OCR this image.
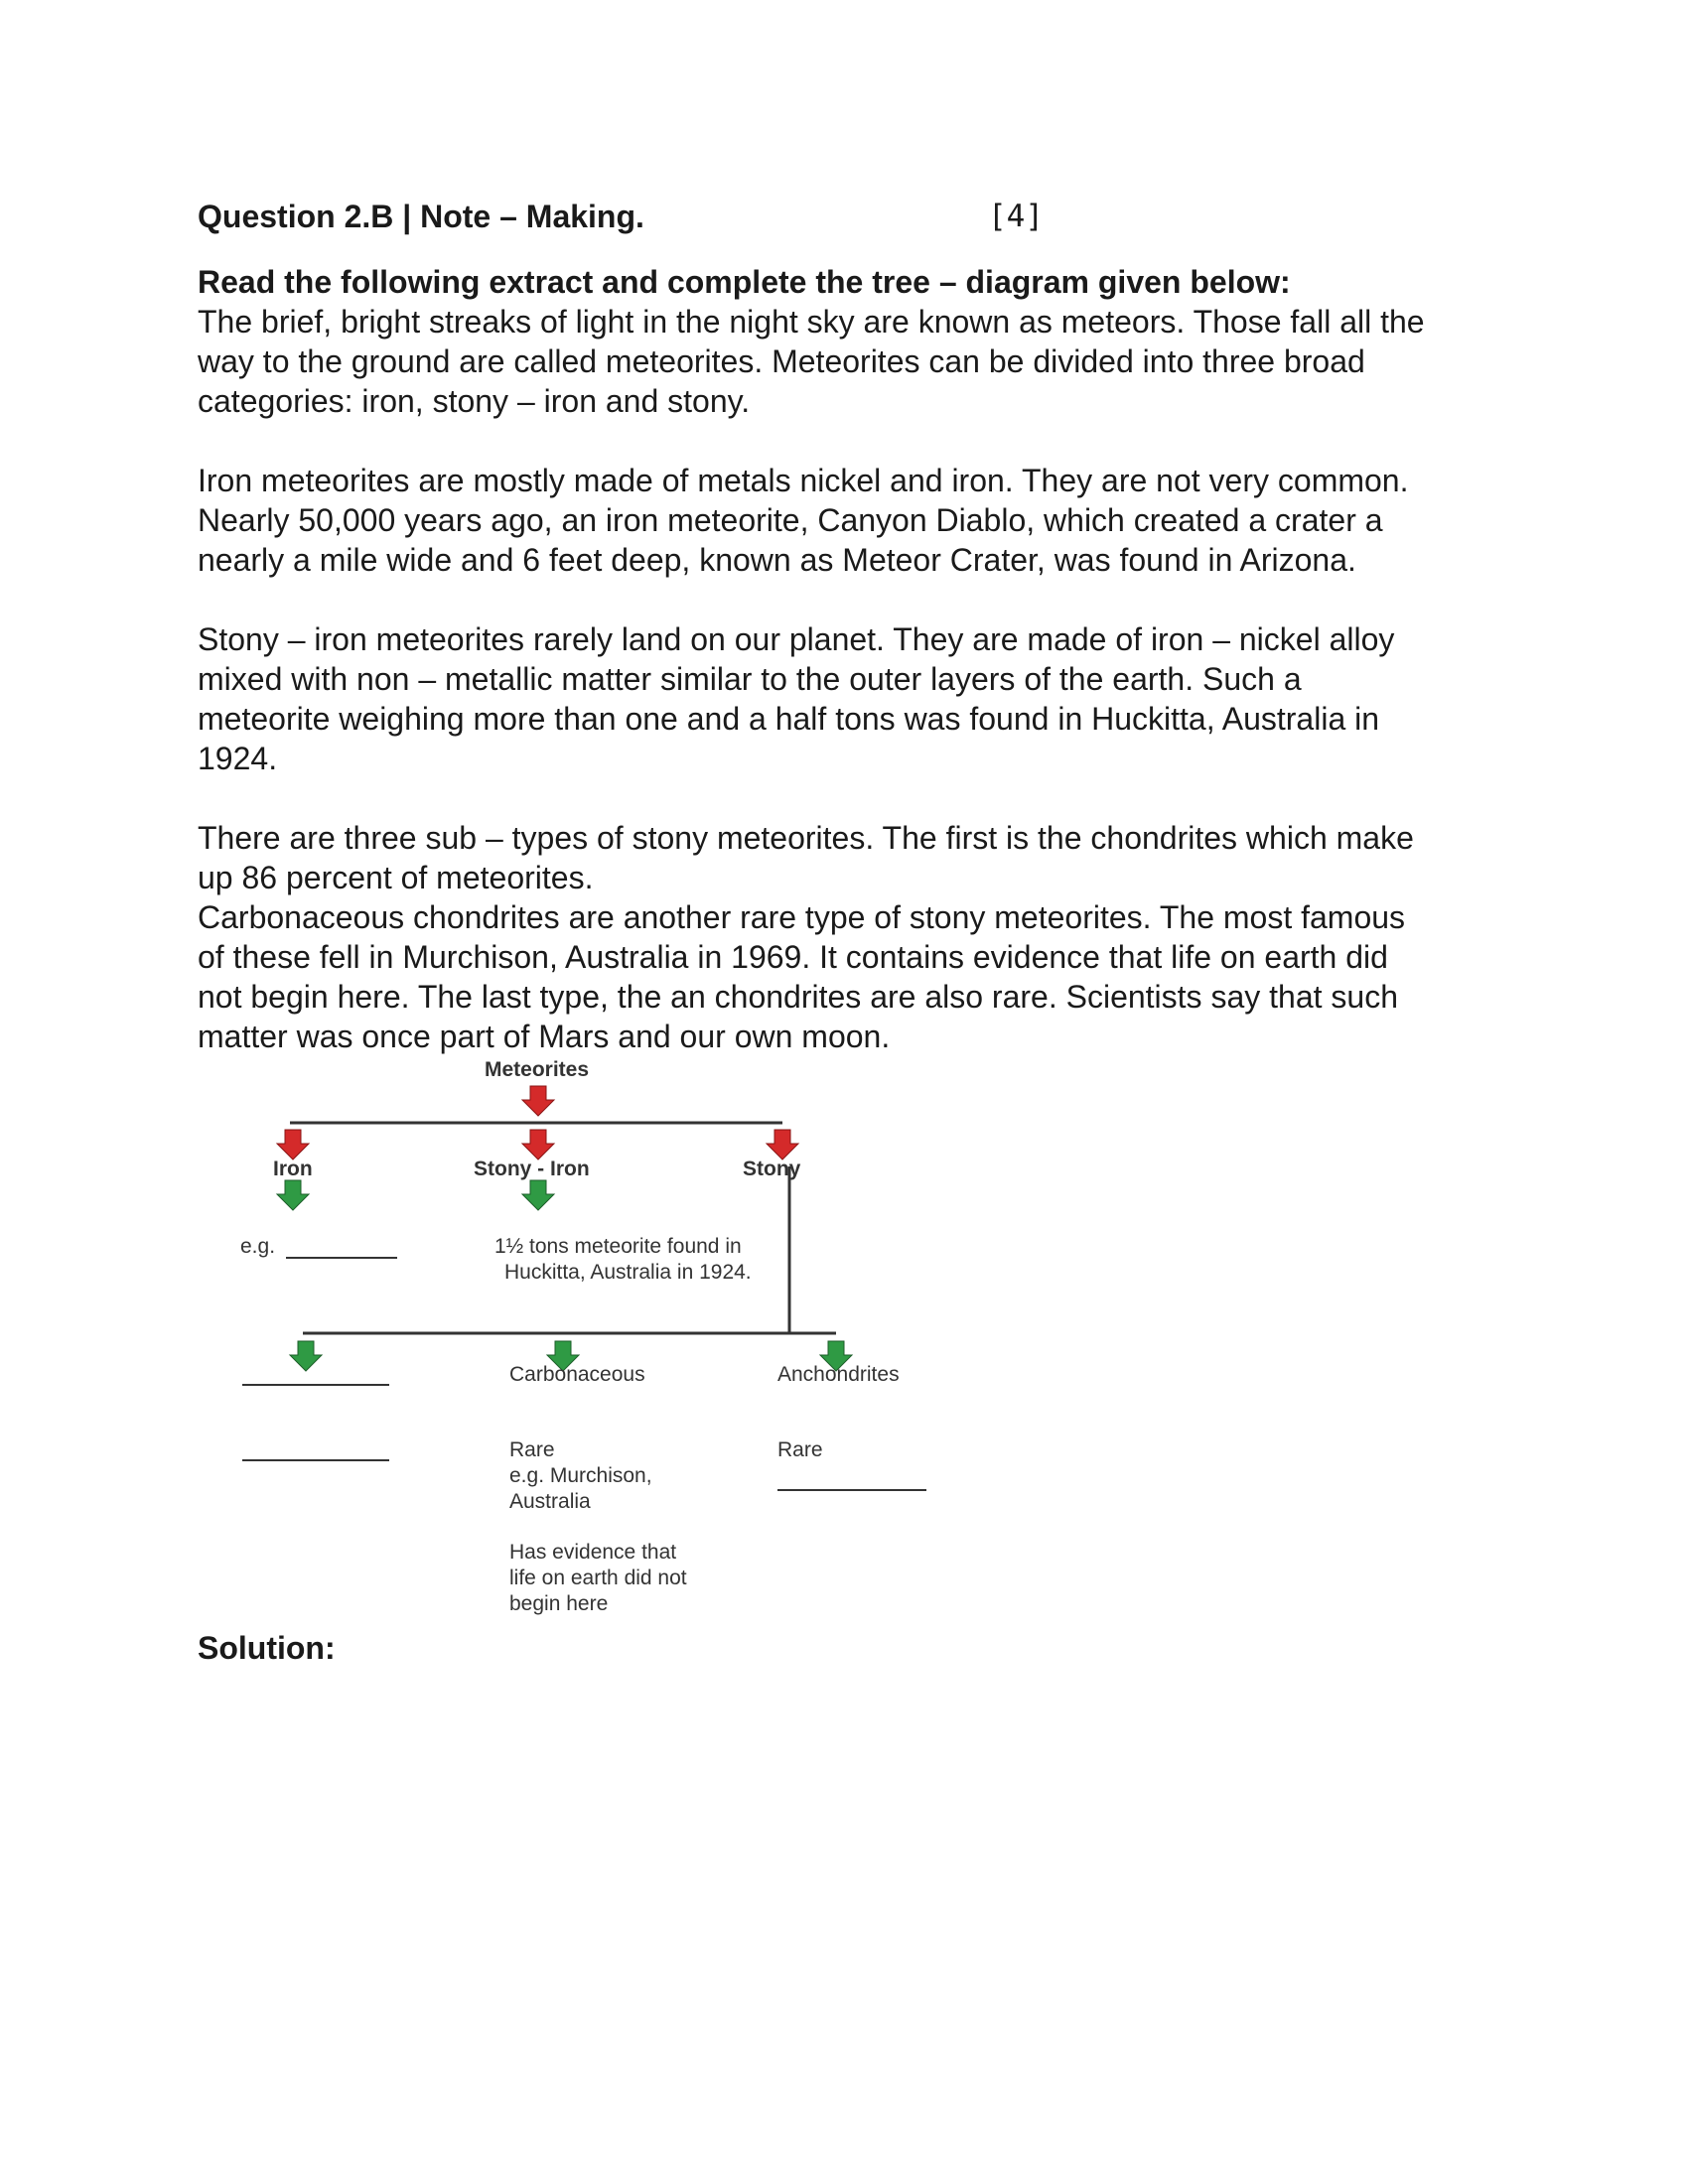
Question 2.B | Note – Making.	[4]
Read the following extract and complete the tree – diagram given below:
The brief, bright streaks of light in the night sky are known as meteors. Those fall all the
way to the ground are called meteorites. Meteorites can be divided into three broad
categories: iron, stony – iron and stony.
Iron meteorites are mostly made of metals nickel and iron. They are not very common.
Nearly 50,000 years ago, an iron meteorite, Canyon Diablo, which created a crater a
nearly a mile wide and 6 feet deep, known as Meteor Crater, was found in Arizona.
Stony – iron meteorites rarely land on our planet. They are made of iron – nickel alloy
mixed with non – metallic matter similar to the outer layers of the earth. Such a
meteorite weighing more than one and a half tons was found in Huckitta, Australia in
1924.
There are three sub – types of stony meteorites. The first is the chondrites which make
up 86 percent of meteorites.
Carbonaceous chondrites are another rare type of stony meteorites. The most famous
of these fell in Murchison, Australia in 1969. It contains evidence that life on earth did
not begin here. The last type, the an chondrites are also rare. Scientists say that such
matter was once part of Mars and our own moon.
Meteorites
Iron	Stony - Iron	Stony
e.g.	1½ tons meteorite found in
Huckitta, Australia in 1924.
Carbonaceous	Anchondrites
Rare
e.g. Murchison,
Australia
Has evidence that
life on earth did not
begin here
Rare
Solution:
